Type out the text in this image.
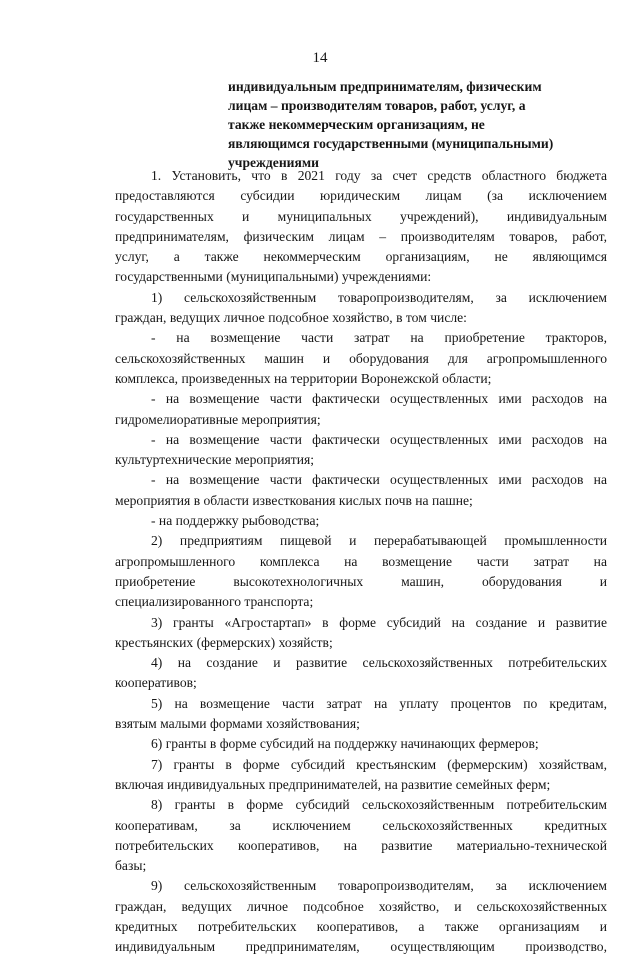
14
индивидуальным предпринимателям, физическим
лицам – производителям товаров, работ, услуг, а
также некоммерческим организациям, не
являющимся государственными (муниципальными)
учреждениями
1. Установить, что в 2021 году за счет средств областного бюджета
предоставляются субсидии юридическим лицам (за исключением
государственных и муниципальных учреждений), индивидуальным
предпринимателям, физическим лицам – производителям товаров, работ,
услуг, а также некоммерческим организациям, не являющимся
государственными (муниципальными) учреждениями:
1) сельскохозяйственным товаропроизводителям, за исключением
граждан, ведущих личное подсобное хозяйство, в том числе:
- на возмещение части затрат на приобретение тракторов,
сельскохозяйственных машин и оборудования для агропромышленного
комплекса, произведенных на территории Воронежской области;
- на возмещение части фактически осуществленных ими расходов на
гидромелиоративные мероприятия;
- на возмещение части фактически осуществленных ими расходов на
культуртехнические мероприятия;
- на возмещение части фактически осуществленных ими расходов на
мероприятия в области известкования кислых почв на пашне;
- на поддержку рыбоводства;
2) предприятиям пищевой и перерабатывающей промышленности
агропромышленного комплекса на возмещение части затрат на
приобретение высокотехнологичных машин, оборудования и
специализированного транспорта;
3) гранты «Агростартап» в форме субсидий на создание и развитие
крестьянских (фермерских) хозяйств;
4) на создание и развитие сельскохозяйственных потребительских
кооперативов;
5) на возмещение части затрат на уплату процентов по кредитам,
взятым малыми формами хозяйствования;
6) гранты в форме субсидий на поддержку начинающих фермеров;
7) гранты в форме субсидий крестьянским (фермерским) хозяйствам,
включая индивидуальных предпринимателей, на развитие семейных ферм;
8) гранты в форме субсидий сельскохозяйственным потребительским
кооперативам, за исключением сельскохозяйственных кредитных
потребительских кооперативов, на развитие материально-технической
базы;
9) сельскохозяйственным товаропроизводителям, за исключением
граждан, ведущих личное подсобное хозяйство, и сельскохозяйственных
кредитных потребительских кооперативов, а также организациям и
индивидуальным предпринимателям, осуществляющим производство,
